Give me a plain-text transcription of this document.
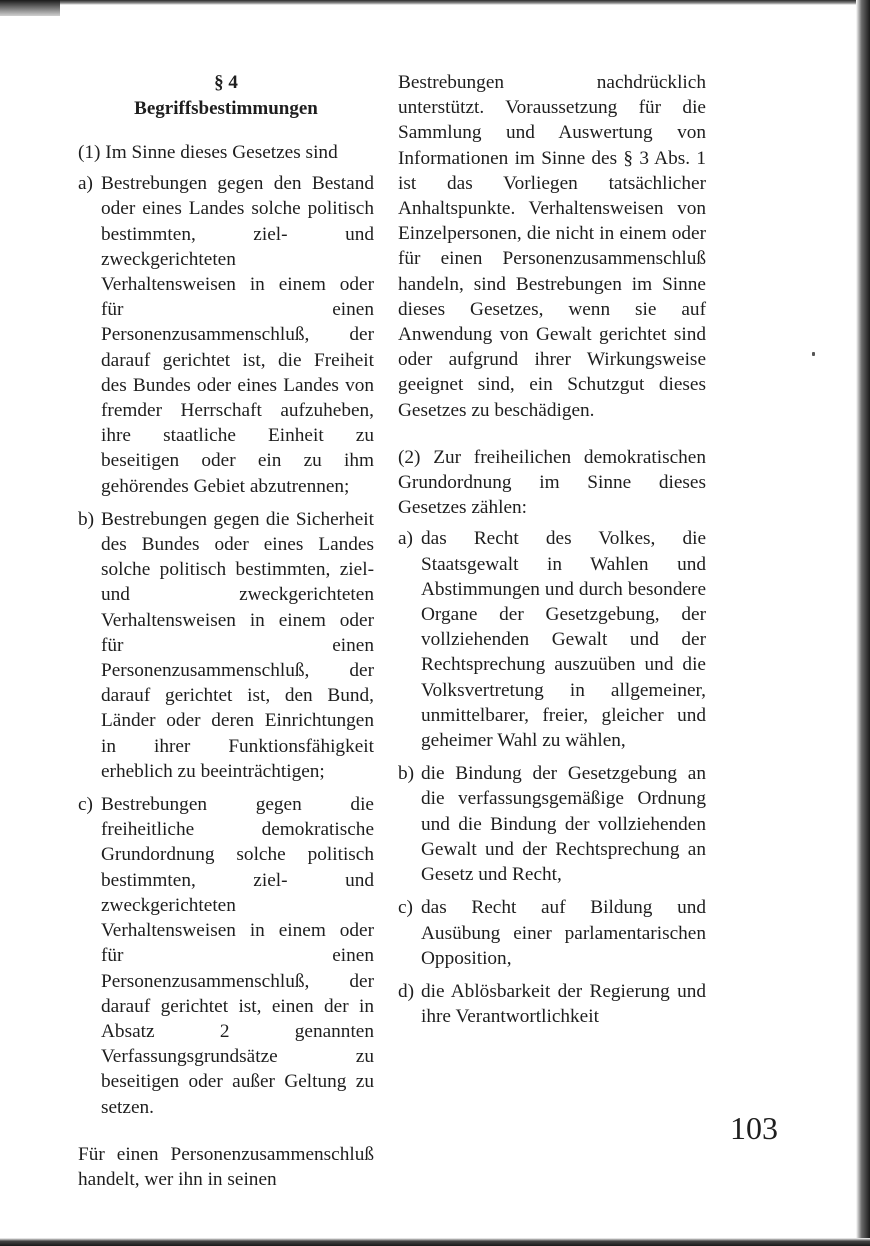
§ 4
Begriffsbestimmungen

(1) Im Sinne dieses Gesetzes sind

a) Bestrebungen gegen den Bestand oder eines Landes solche politisch bestimmten, ziel- und zweckgerichteten Verhaltensweisen in einem oder für einen Personenzusammenschluß, der darauf gerichtet ist, die Freiheit des Bundes oder eines Landes von fremder Herrschaft aufzuheben, ihre staatliche Einheit zu beseitigen oder ein zu ihm gehörendes Gebiet abzutrennen;
b) Bestrebungen gegen die Sicherheit des Bundes oder eines Landes solche politisch bestimmten, ziel- und zweckgerichteten Verhaltensweisen in einem oder für einen Personenzusammenschluß, der darauf gerichtet ist, den Bund, Länder oder deren Einrichtungen in ihrer Funktionsfähigkeit erheblich zu beeinträchtigen;
c) Bestrebungen gegen die freiheitliche demokratische Grundordnung solche politisch bestimmten, ziel- und zweckgerichteten Verhaltensweisen in einem oder für einen Personenzusammenschluß, der darauf gerichtet ist, einen der in Absatz 2 genannten Verfassungsgrundsätze zu beseitigen oder außer Geltung zu setzen.

Für einen Personenzusammenschluß handelt, wer ihn in seinen

Bestrebungen nachdrücklich unterstützt. Voraussetzung für die Sammlung und Auswertung von Informationen im Sinne des § 3 Abs. 1 ist das Vorliegen tatsächlicher Anhaltspunkte. Verhaltensweisen von Einzelpersonen, die nicht in einem oder für einen Personenzusammenschluß handeln, sind Bestrebungen im Sinne dieses Gesetzes, wenn sie auf Anwendung von Gewalt gerichtet sind oder aufgrund ihrer Wirkungsweise geeignet sind, ein Schutzgut dieses Gesetzes zu beschädigen.

(2) Zur freiheilichen demokratischen Grundordnung im Sinne dieses Gesetzes zählen:

a) das Recht des Volkes, die Staatsgewalt in Wahlen und Abstimmungen und durch besondere Organe der Gesetzgebung, der vollziehenden Gewalt und der Rechtsprechung auszuüben und die Volksvertretung in allgemeiner, unmittelbarer, freier, gleicher und geheimer Wahl zu wählen,
b) die Bindung der Gesetzgebung an die verfassungsgemäßige Ordnung und die Bindung der vollziehenden Gewalt und der Rechtsprechung an Gesetz und Recht,
c) das Recht auf Bildung und Ausübung einer parlamentarischen Opposition,
d) die Ablösbarkeit der Regierung und ihre Verantwortlichkeit
103
